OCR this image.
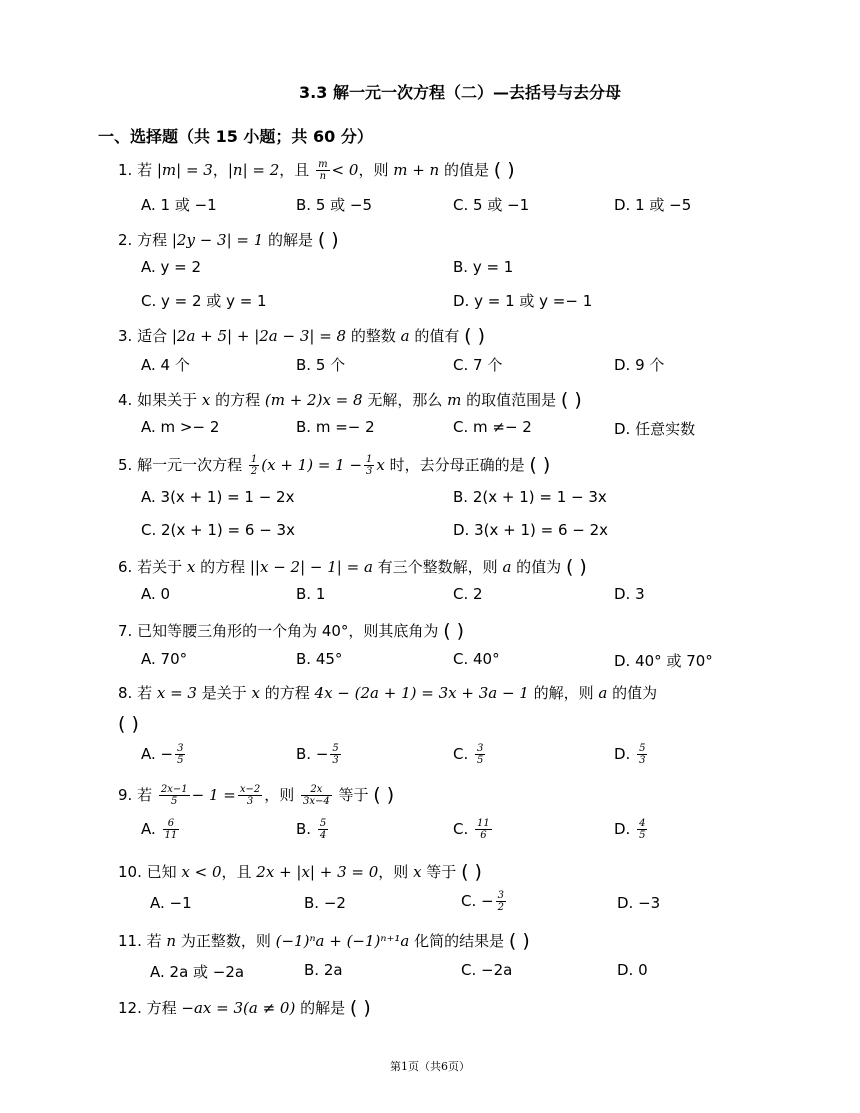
3.3 解一元一次方程（二）—去括号与去分母
一、选择题（共 15 小题；共 60 分）
1. 若 |m| = 3，|n| = 2，且 $\frac{m}{n} < 0$，则 m + n 的值是 ( )
A. 1 或 −1	B. 5 或 −5	C. 5 或 −1	D. 1 或 −5
2. 方程 |2y − 3| = 1 的解是 ( )
A. y = 2	B. y = 1
C. y = 2 或 y = 1	D. y = 1 或 y =− 1
3. 适合 |2a + 5| + |2a − 3| = 8 的整数 a 的值有 ( )
A. 4 个	B. 5 个	C. 7 个	D. 9 个
4. 如果关于 x 的方程 (m + 2)x = 8 无解，那么 m 的取值范围是 ( )
A. m >− 2	B. m =− 2	C. m ≠− 2	D. 任意实数
5. 解一元一次方程 $\frac{1}{2} (x + 1) = 1 - \frac{1}{3}$ x 时，去分母正确的是 ( )
A. 3(x + 1) = 1 − 2x	B. 2(x + 1) = 1 − 3x
C. 2(x + 1) = 6 − 3x	D. 3(x + 1) = 6 − 2x
6. 若关于 x 的方程 ||x − 2| − 1| = a 有三个整数解，则 a 的值为 ( )
A. 0	B. 1	C. 2	D. 3
7. 已知等腰三角形的一个角为 40°，则其底角为 ( )
A. 70°	B. 45°	C. 40°	D. 40° 或 70°
8. 若 x = 3 是关于 x 的方程 4x − (2a + 1) = 3x + 3a − 1 的解，则 a 的值为
( )
A. − $\frac{3}{5}$	B. − $\frac{5}{3}$	C. $\frac{3}{5}$	D. $\frac{5}{3}$
9. 若 $\frac{2x-1}{5} - 1 = \frac{x-2}{3}$ ，则 $\frac{2x}{3x-4}$ 等于 ( )
A. $\frac{6}{11}$	B. $\frac{5}{4}$	C. $\frac{11}{6}$	D. $\frac{4}{5}$
10. 已知 x < 0，且 2x + |x| + 3 = 0，则 x 等于 ( )
A. −1	B. −2	C. − $\frac{3}{2}$	D. −3
11. 若 n 为正整数，则 (−1)ⁿa + (−1)ⁿ⁺¹a 化简的结果是 ( )
A. 2a 或 −2a	B. 2a	C. −2a	D. 0
12. 方程 −ax = 3(a ≠ 0) 的解是 ( )
第1页（共6页）
